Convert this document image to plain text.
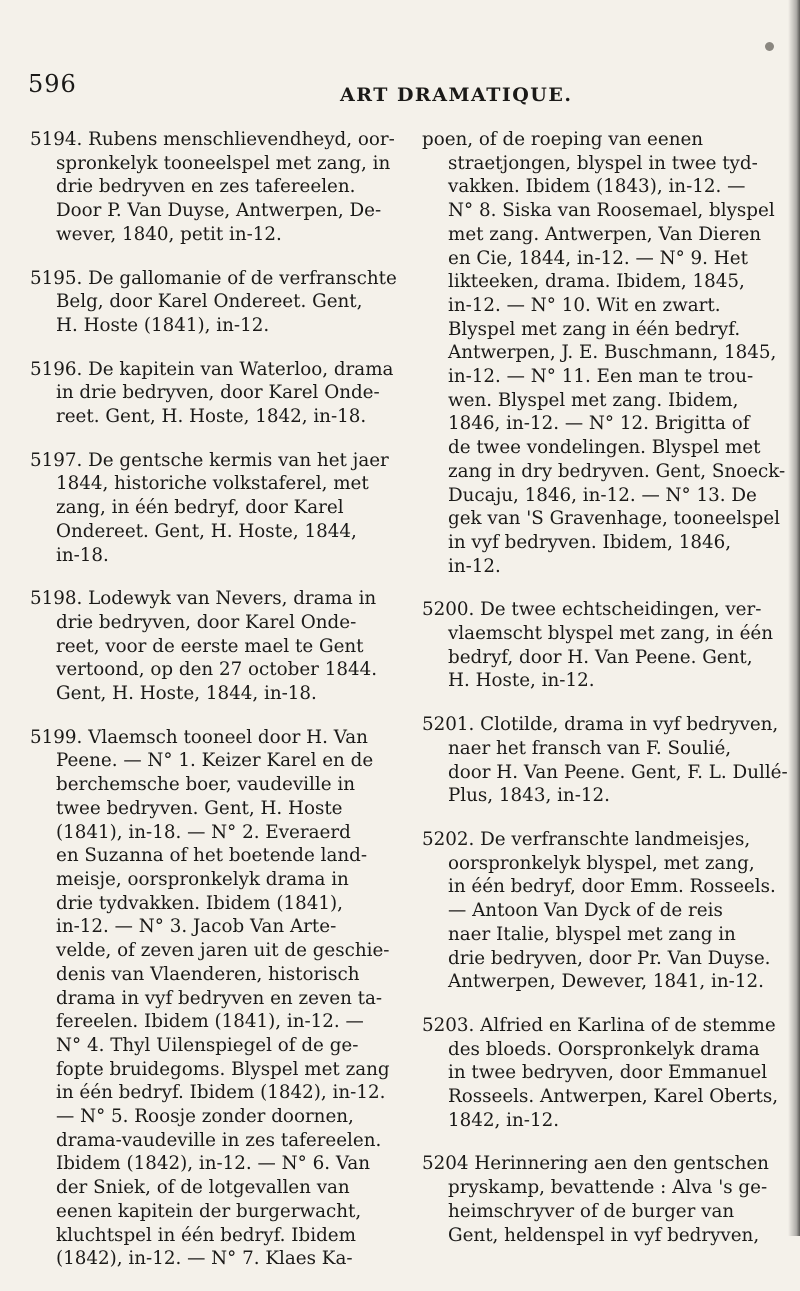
596	ART DRAMATIQUE.
5194. Rubens menschlievendheyd, oor-
spronkelyk tooneelspel met zang, in
drie bedryven en zes tafereelen.
Door P. Van Duyse, Antwerpen, De-
wever, 1840, petit in-12.
5195. De gallomanie of de verfranschte
Belg, door Karel Ondereet. Gent,
H. Hoste (1841), in-12.
5196. De kapitein van Waterloo, drama
in drie bedryven, door Karel Onde-
reet. Gent, H. Hoste, 1842, in-18.
5197. De gentsche kermis van het jaer
1844, historiche volkstaferel, met
zang, in één bedryf, door Karel
Ondereet. Gent, H. Hoste, 1844,
in-18.
5198. Lodewyk van Nevers, drama in
drie bedryven, door Karel Onde-
reet, voor de eerste mael te Gent
vertoond, op den 27 october 1844.
Gent, H. Hoste, 1844, in-18.
5199. Vlaemsch tooneel door H. Van
Peene. — N° 1. Keizer Karel en de
berchemsche boer, vaudeville in
twee bedryven. Gent, H. Hoste
(1841), in-18. — N° 2. Everaerd
en Suzanna of het boetende land-
meisje, oorspronkelyk drama in
drie tydvakken. Ibidem (1841),
in-12. — N° 3. Jacob Van Arte-
velde, of zeven jaren uit de geschie-
denis van Vlaenderen, historisch
drama in vyf bedryven en zeven ta-
fereelen. Ibidem (1841), in-12. —
N° 4. Thyl Uilenspiegel of de ge-
fopte bruidegoms. Blyspel met zang
in één bedryf. Ibidem (1842), in-12.
— N° 5. Roosje zonder doornen,
drama-vaudeville in zes tafereelen.
Ibidem (1842), in-12. — N° 6. Van
der Sniek, of de lotgevallen van
eenen kapitein der burgerwacht,
kluchtspel in één bedryf. Ibidem
(1842), in-12. — N° 7. Klaes Ka-
poen, of de roeping van eenen
straetjongen, blyspel in twee tyd-
vakken. Ibidem (1843), in-12. —
N° 8. Siska van Roosemael, blyspel
met zang. Antwerpen, Van Dieren
en Cie, 1844, in-12. — N° 9. Het
likteeken, drama. Ibidem, 1845,
in-12. — N° 10. Wit en zwart.
Blyspel met zang in één bedryf.
Antwerpen, J. E. Buschmann, 1845,
in-12. — N° 11. Een man te trou-
wen. Blyspel met zang. Ibidem,
1846, in-12. — N° 12. Brigitta of
de twee vondelingen. Blyspel met
zang in dry bedryven. Gent, Snoeck-
Ducaju, 1846, in-12. — N° 13. De
gek van 'S Gravenhage, tooneelspel
in vyf bedryven. Ibidem, 1846,
in-12.
5200. De twee echtscheidingen, ver-
vlaemscht blyspel met zang, in één
bedryf, door H. Van Peene. Gent,
H. Hoste, in-12.
5201. Clotilde, drama in vyf bedryven,
naer het fransch van F. Soulié,
door H. Van Peene. Gent, F. L. Dullé-
Plus, 1843, in-12.
5202. De verfranschte landmeisjes,
oorspronkelyk blyspel, met zang,
in één bedryf, door Emm. Rosseels.
— Antoon Van Dyck of de reis
naer Italie, blyspel met zang in
drie bedryven, door Pr. Van Duyse.
Antwerpen, Dewever, 1841, in-12.
5203. Alfried en Karlina of de stemme
des bloeds. Oorspronkelyk drama
in twee bedryven, door Emmanuel
Rosseels. Antwerpen, Karel Oberts,
1842, in-12.
5204 Herinnering aen den gentschen
pryskamp, bevattende : Alva 's ge-
heimschryver of de burger van
Gent, heldenspel in vyf bedryven,
